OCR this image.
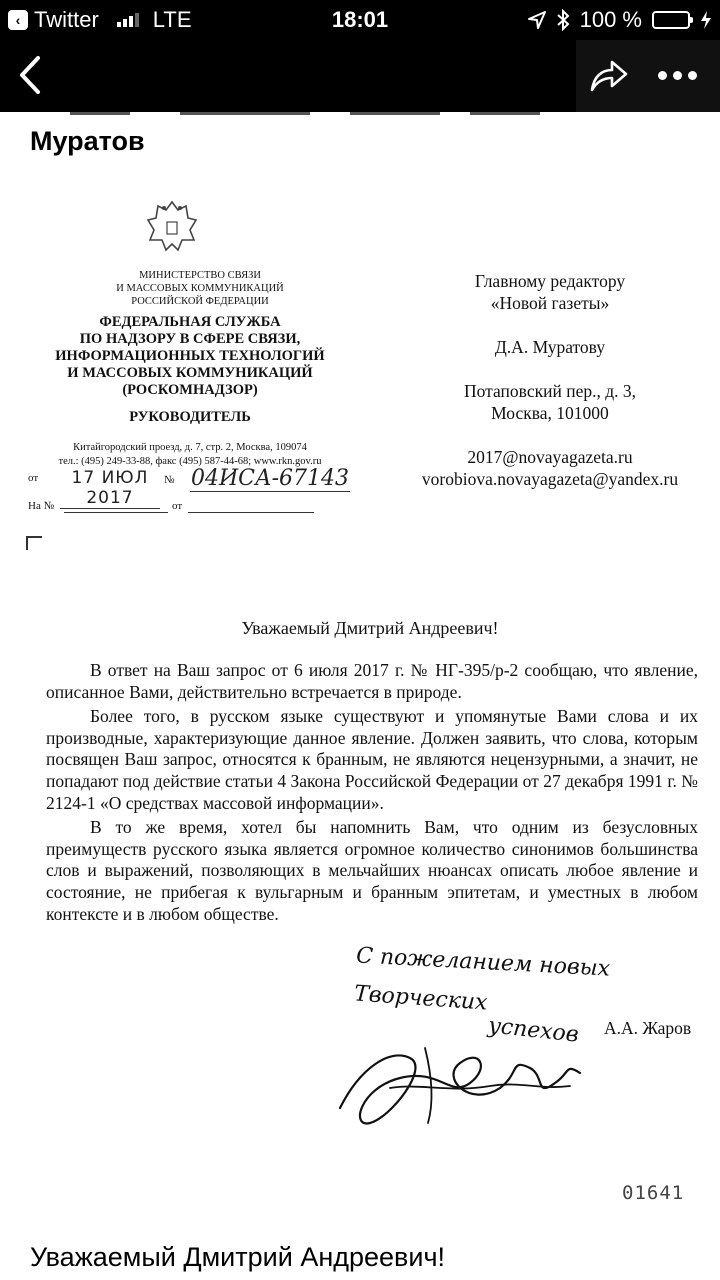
‹ Twitter LTE	18:01	100 %
Муратов
МИНИСТЕРСТВО СВЯЗИ
И МАССОВЫХ КОММУНИКАЦИЙ
РОССИЙСКОЙ ФЕДЕРАЦИИ
ФЕДЕРАЛЬНАЯ СЛУЖБА
ПО НАДЗОРУ В СФЕРЕ СВЯЗИ,
ИНФОРМАЦИОННЫХ ТЕХНОЛОГИЙ
И МАССОВЫХ КОММУНИКАЦИЙ
(РОСКОМНАДЗОР)
РУКОВОДИТЕЛЬ
Китайгородский проезд, д. 7, стр. 2, Москва, 109074
тел.: (495) 249-33-88, факс (495) 587-44-68; www.rkn.gov.ru
от	17 ИЮЛ 2017
№ 04ИСА-67143
На №	от
Главному редактору
«Новой газеты»
Д.А. Муратову
Потаповский пер., д. 3,
Москва, 101000
2017@novayagazeta.ru
vorobiova.novayagazeta@yandex.ru
Уважаемый Дмитрий Андреевич!

В ответ на Ваш запрос от 6 июля 2017 г. № НГ-395/р-2 сообщаю, что явление, описанное Вами, действительно встречается в природе.

Более того, в русском языке существуют и упомянутые Вами слова и их производные, характеризующие данное явление. Должен заявить, что слова, которым посвящен Ваш запрос, относятся к бранным, не являются нецензурными, а значит, не попадают под действие статьи 4 Закона Российской Федерации от 27 декабря 1991 г. № 2124-1 «О средствах массовой информации».

В то же время, хотел бы напомнить Вам, что одним из безусловных преимуществ русского языка является огромное количество синонимов большинства слов и выражений, позволяющих в мельчайших нюансах описать любое явление и состояние, не прибегая к вульгарным и бранным эпитетам, и уместных в любом контексте и в любом обществе.

С пожеланием новых
Творческих
успехов А.А. Жаров
01641
Уважаемый Дмитрий Андреевич!
